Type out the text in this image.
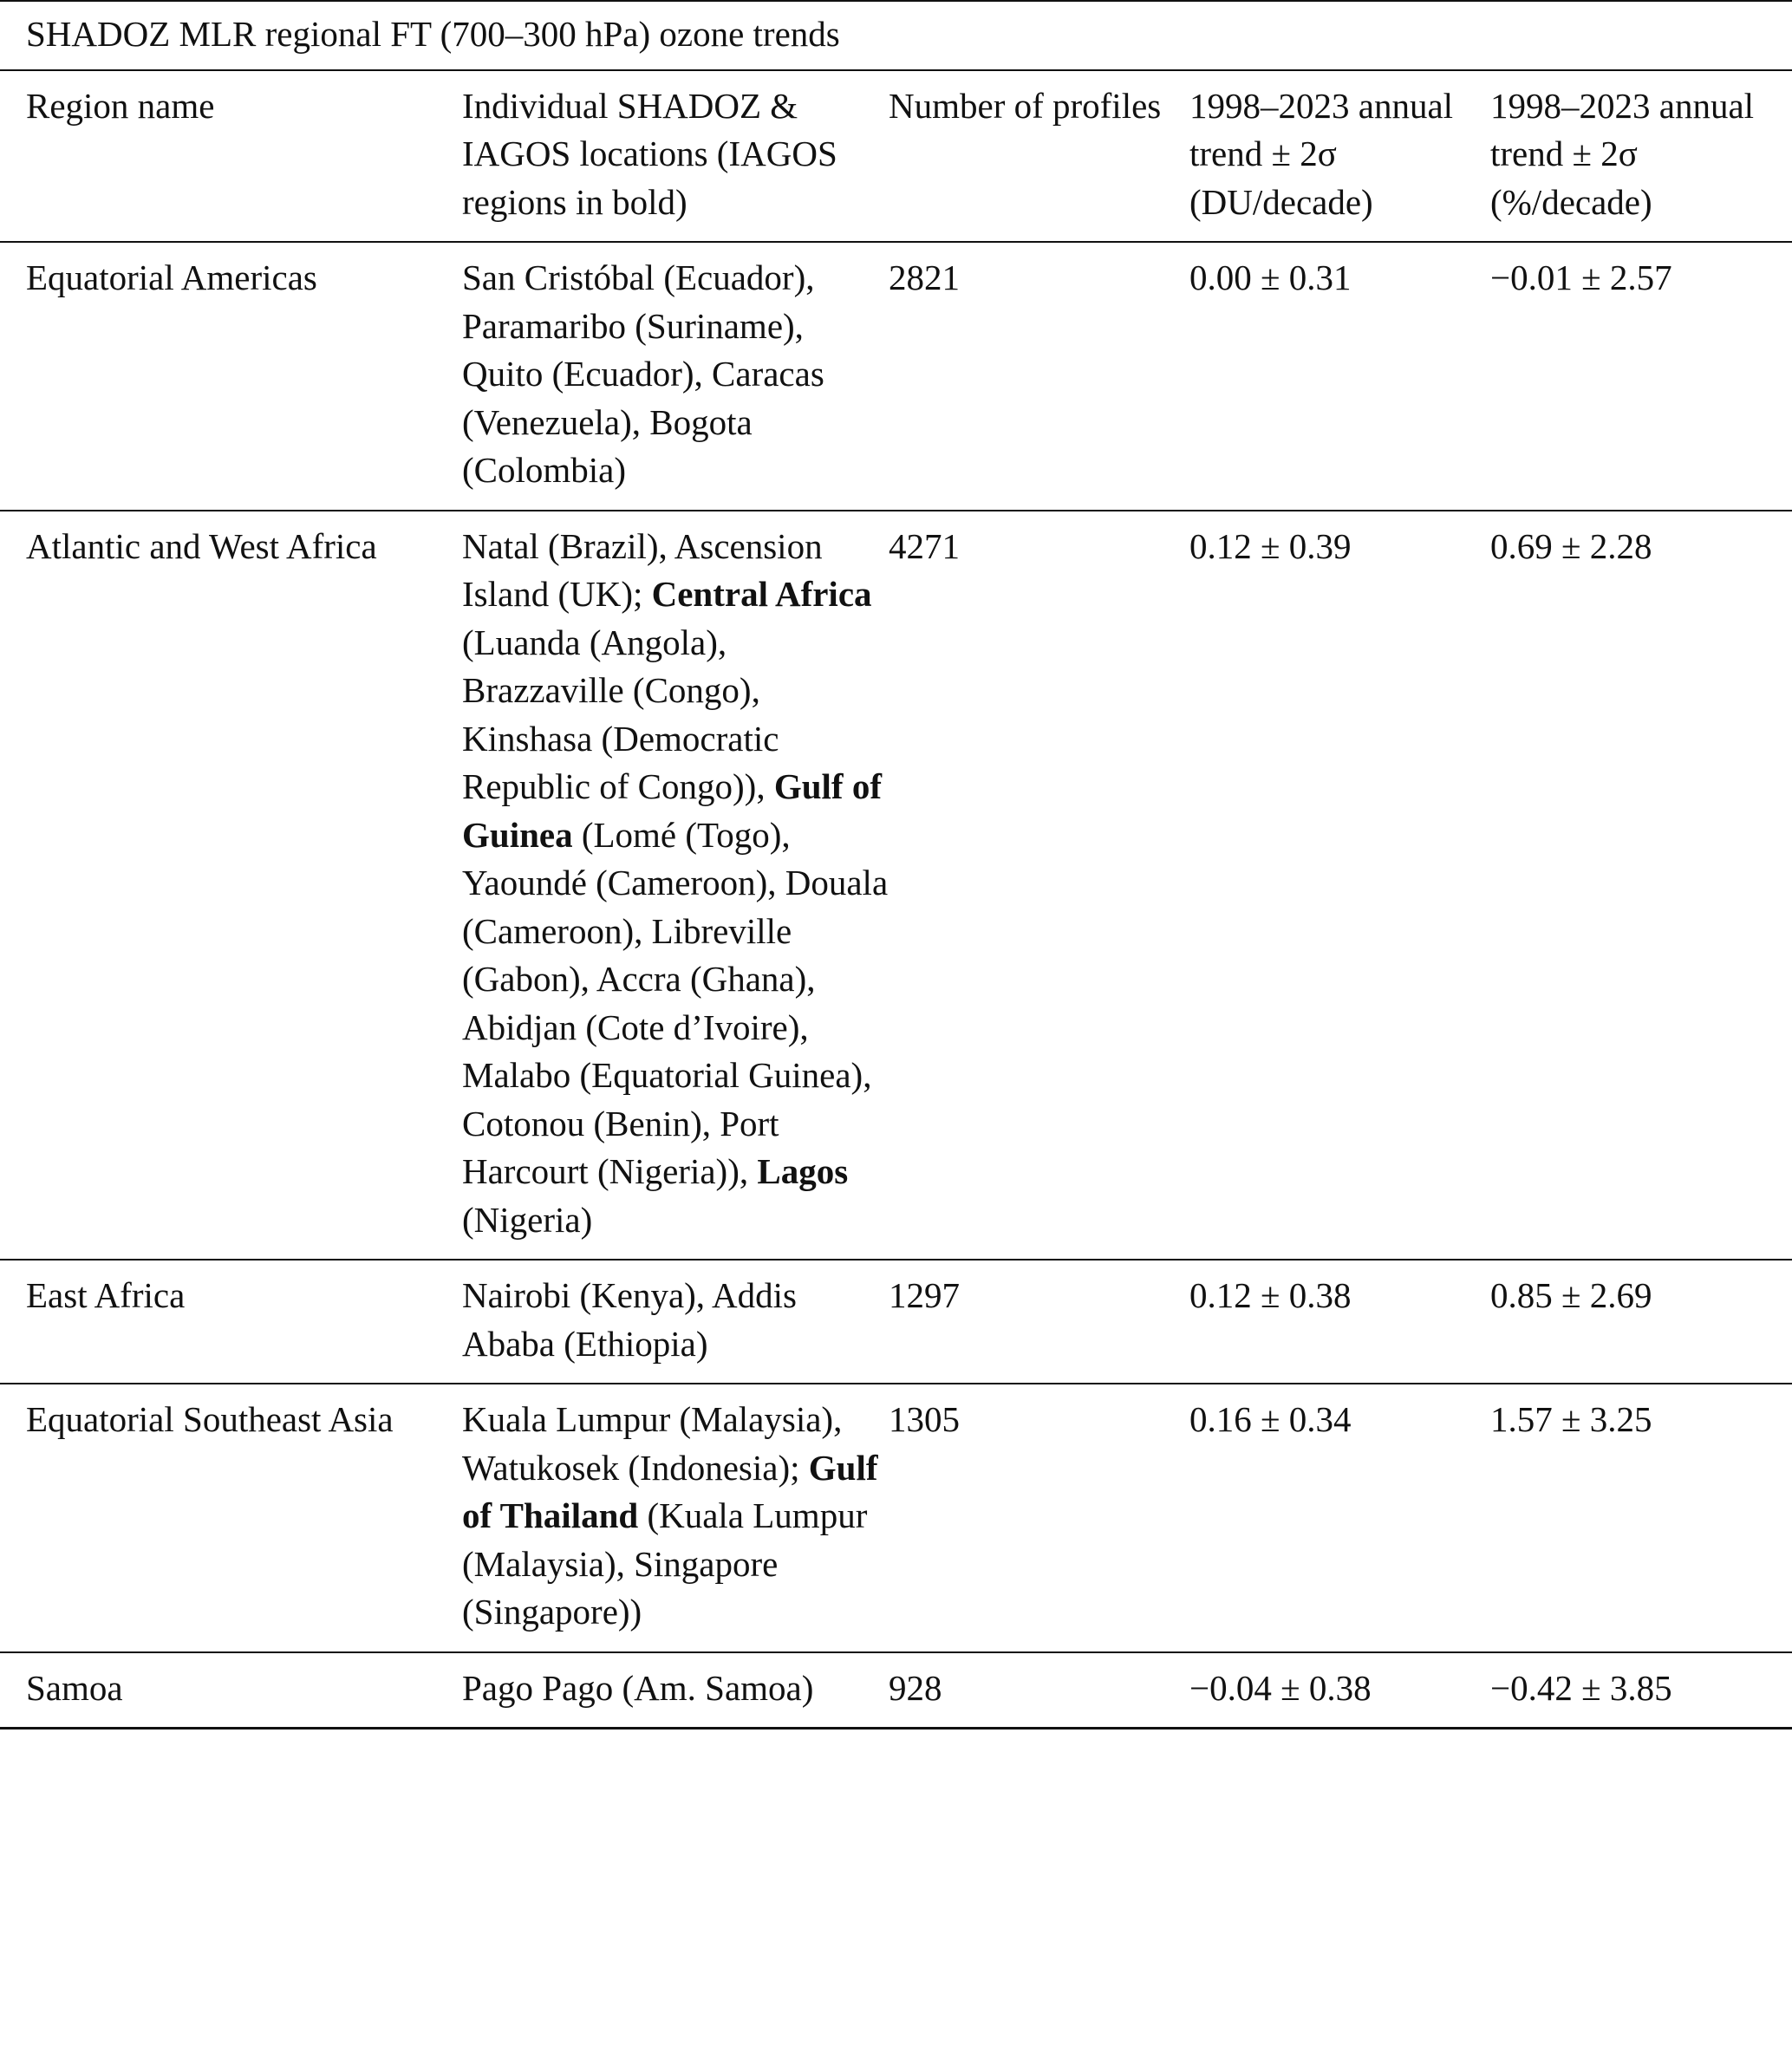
SHADOZ MLR regional FT (700–300 hPa) ozone trends				
Region name	Individual SHADOZ & IAGOS locations (IAGOS regions in bold)	Number of profiles	1998–2023 annual trend ± 2σ (DU/decade)	1998–2023 annual trend ± 2σ (%/decade)
Equatorial Americas	San Cristóbal (Ecuador), Paramaribo (Suriname), Quito (Ecuador), Caracas (Venezuela), Bogota (Colombia)	2821	0.00 ± 0.31	−0.01 ± 2.57
Atlantic and West Africa	Natal (Brazil), Ascension Island (UK); Central Africa (Luanda (Angola), Brazzaville (Congo), Kinshasa (Democratic Republic of Congo)), Gulf of Guinea (Lomé (Togo), Yaoundé (Cameroon), Douala (Cameroon), Libreville (Gabon), Accra (Ghana), Abidjan (Cote d’Ivoire), Malabo (Equatorial Guinea), Cotonou (Benin), Port Harcourt (Nigeria)), Lagos (Nigeria)	4271	0.12 ± 0.39	0.69 ± 2.28
East Africa	Nairobi (Kenya), Addis Ababa (Ethiopia)	1297	0.12 ± 0.38	0.85 ± 2.69
Equatorial Southeast Asia	Kuala Lumpur (Malaysia), Watukosek (Indonesia); Gulf of Thailand (Kuala Lumpur (Malaysia), Singapore (Singapore))	1305	0.16 ± 0.34	1.57 ± 3.25
Samoa	Pago Pago (Am. Samoa)	928	−0.04 ± 0.38	−0.42 ± 3.85
